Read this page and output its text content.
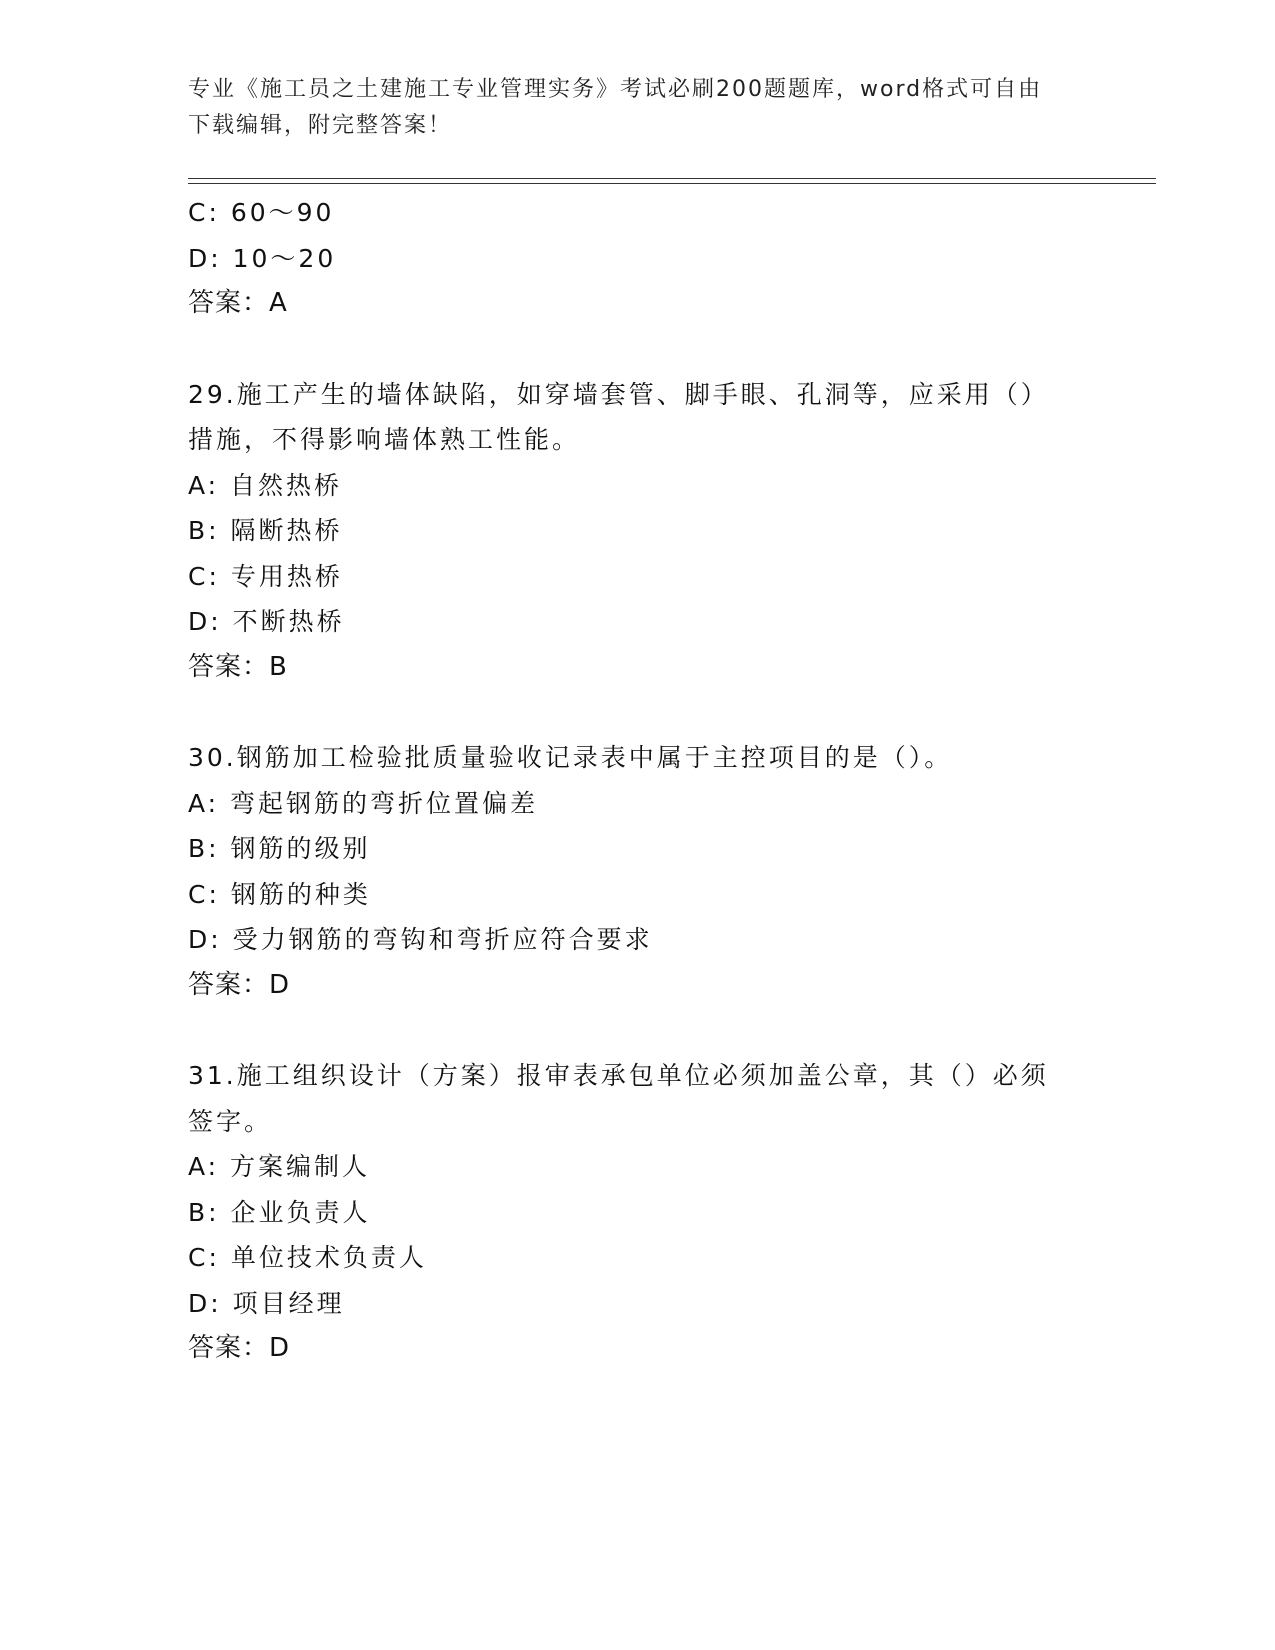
专业《施工员之土建施工专业管理实务》考试必刷200题题库，word格式可自由
下载编辑，附完整答案！
C: 60～90
D: 10～20
答案：A
29.施工产生的墙体缺陷，如穿墙套管、脚手眼、孔洞等，应采用（）
措施，不得影响墙体熟工性能。
A: 自然热桥
B: 隔断热桥
C: 专用热桥
D: 不断热桥
答案：B
30.钢筋加工检验批质量验收记录表中属于主控项目的是（）。
A: 弯起钢筋的弯折位置偏差
B: 钢筋的级别
C: 钢筋的种类
D: 受力钢筋的弯钩和弯折应符合要求
答案：D
31.施工组织设计（方案）报审表承包单位必须加盖公章，其（）必须
签字。
A: 方案编制人
B: 企业负责人
C: 单位技术负责人
D: 项目经理
答案：D
